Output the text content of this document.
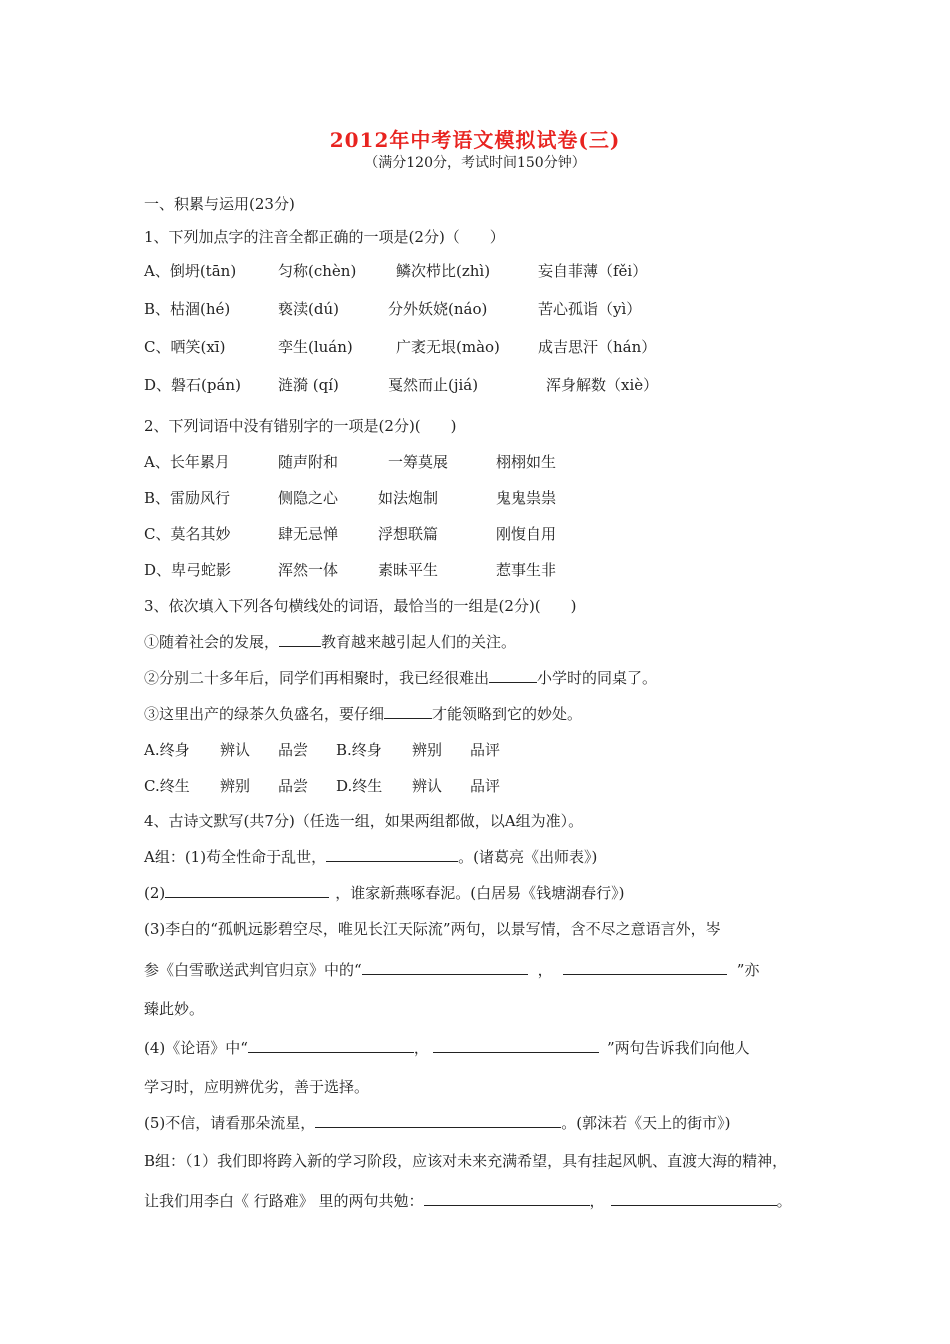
2012年中考语文模拟试卷(三)
（满分120分，考试时间150分钟）
一、积累与运用(23分)
1、下列加点字的注音全都正确的一项是(2分)（　　）
A、倒坍(tān)	匀称(chèn)	鳞次栉比(zhì)	妄自菲薄（fěi）
B、枯涸(hé)	亵渎(dú)	分外妖娆(náo)	苦心孤诣（yì）
C、哂笑(xī)	孪生(luán)	广袤无垠(mào)	成吉思汗（hán）
D、磐石(pán) 涟漪 (qí)	戛然而止(jiá)	浑身解数（xiè）
2、下列词语中没有错别字的一项是(2分)(　　)
A、长年累月	随声附和	一筹莫展	栩栩如生
B、雷励风行	侧隐之心	如法炮制	鬼鬼祟祟
C、莫名其妙	肆无忌惮	浮想联篇	刚愎自用
D、卑弓蛇影	浑然一体	素昧平生	惹事生非
3、依次填入下列各句横线处的词语，最恰当的一组是(2分)(　　)
①随着社会的发展，	教育越来越引起人们的关注。
②分别二十多年后，同学们再相聚时，我已经很难出	小学时的同桌了。
③这里出产的绿茶久负盛名，要仔细	才能领略到它的妙处。
A.终身 辨认 品尝 B.终身 辨别 品评
C.终生 辨别 品尝 D.终生 辨认 品评
4、古诗文默写(共7分)（任选一组，如果两组都做，以A组为准）。
A组：(1)苟全性命于乱世，	。(诸葛亮《出师表》)
(2)	，谁家新燕啄春泥。(白居易《钱塘湖春行》)
(3)李白的“孤帆远影碧空尽，唯见长江天际流”两句，以景写情，含不尽之意语言外，岑
参《白雪歌送武判官归京》中的“	，	”亦
臻此妙。
(4)《论语》中“	，	”两句告诉我们向他人
学习时，应明辨优劣，善于选择。
(5)不信，请看那朵流星，	。(郭沫若《天上的街市》)
B组：（1）我们即将跨入新的学习阶段，应该对未来充满希望，具有挂起风帆、直渡大海的精神，
让我们用李白《 行路难》 里的两句共勉：	，	。
